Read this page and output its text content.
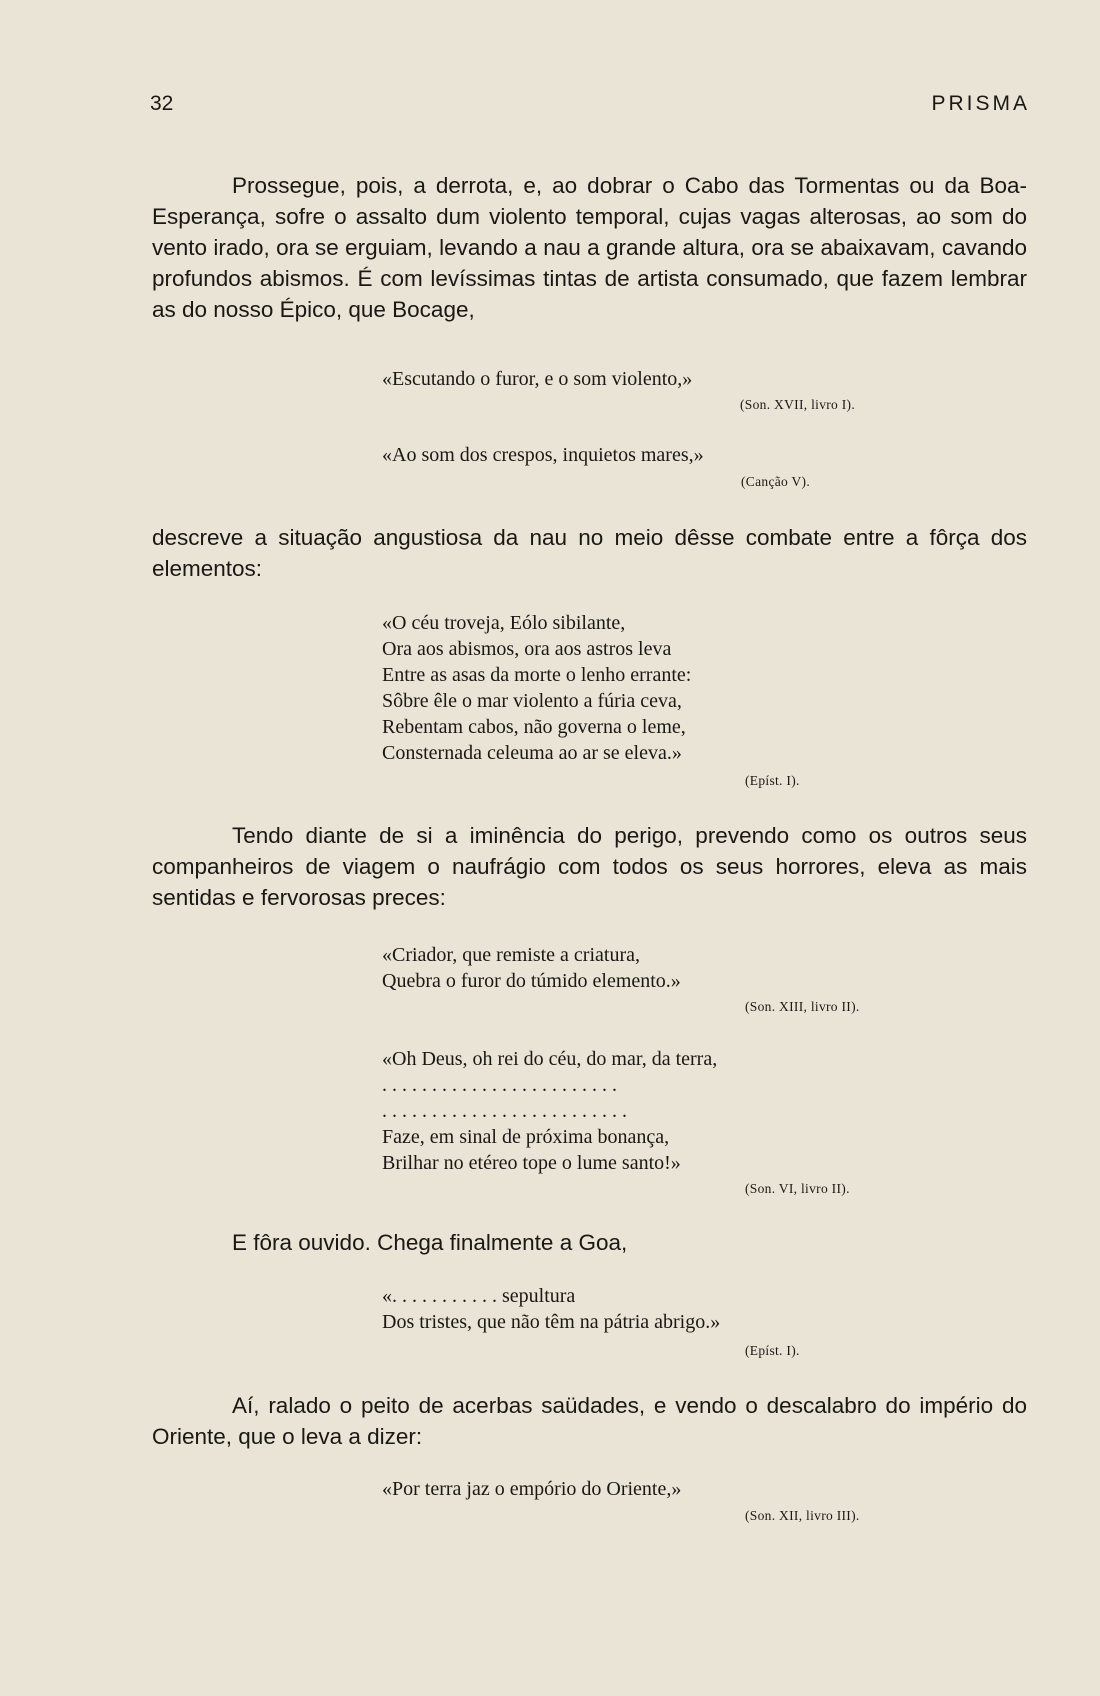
32	PRISMA

Prossegue, pois, a derrota, e, ao dobrar o Cabo das Tormentas ou da Boa-Esperança, sofre o assalto dum violento temporal, cujas vagas alterosas, ao som do vento irado, ora se erguiam, levando a nau a grande altura, ora se abaixavam, cavando profundos abismos. É com levíssimas tintas de artista consumado, que fazem lembrar as do nosso Épico, que Bocage,

«Escutando o furor, e o som violento,»
(Son. XVII, livro I).
«Ao som dos crespos, inquietos mares,»
(Canção V).

descreve a situação angustiosa da nau no meio dêsse combate entre a fôrça dos elementos:

«O céu troveja, Eólo sibilante,
Ora aos abismos, ora aos astros leva
Entre as asas da morte o lenho errante:
Sôbre êle o mar violento a fúria ceva,
Rebentam cabos, não governa o leme,
Consternada celeuma ao ar se eleva.»
(Epíst. I).

Tendo diante de si a iminência do perigo, prevendo como os outros seus companheiros de viagem o naufrágio com todos os seus horrores, eleva as mais sentidas e fervorosas preces:

«Criador, que remiste a criatura,
Quebra o furor do túmido elemento.»
(Son. XIII, livro II).
«Oh Deus, oh rei do céu, do mar, da terra,
. . . . . . . . . . . . . . . . . . . . . . . .
. . . . . . . . . . . . . . . . . . . . . . . . .
Faze, em sinal de próxima bonança,
Brilhar no etéreo tope o lume santo!»
(Son. VI, livro II).

E fôra ouvido. Chega finalmente a Goa,

«. . . . . . . . . . . sepultura
Dos tristes, que não têm na pátria abrigo.»
(Epíst. I).

Aí, ralado o peito de acerbas saüdades, e vendo o descalabro do império do Oriente, que o leva a dizer:

«Por terra jaz o empório do Oriente,»
(Son. XII, livro III).
